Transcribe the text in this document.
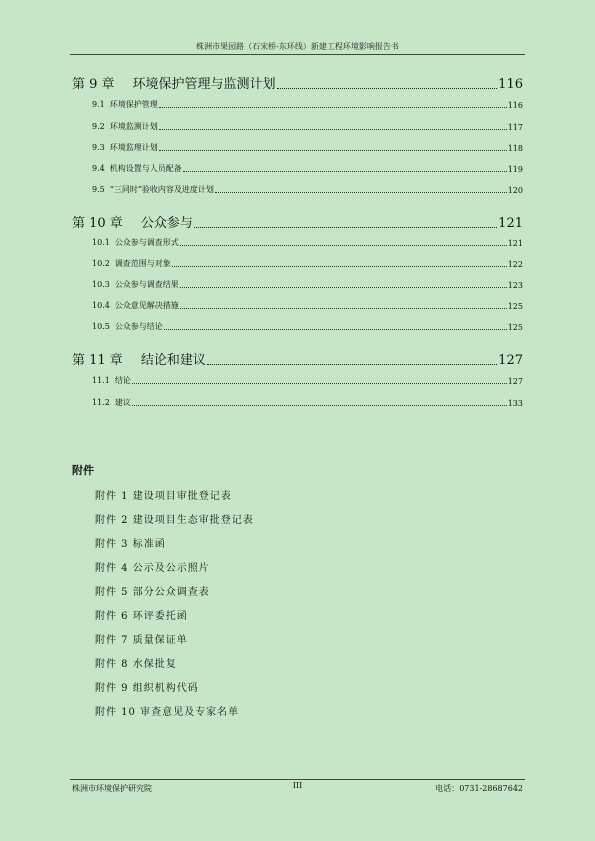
株洲市果园路（石宋桥-东环线）新建工程环境影响报告书
第 9 章 环境保护管理与监测计划	116
9.1 环境保护管理	116
9.2 环境监测计划	117
9.3 环境监理计划	118
9.4 机构设置与人员配备	119
9.5 “三同时”验收内容及进度计划	120
第 10 章 公众参与	121
10.1 公众参与调查形式	121
10.2 调查范围与对象	122
10.3 公众参与调查结果	123
10.4 公众意见解决措施	125
10.5 公众参与结论	125
第 11 章 结论和建议	127
11.1 结论	127
11.2 建议	133
附件
附件 1 建设项目审批登记表
附件 2 建设项目生态审批登记表
附件 3 标准函
附件 4 公示及公示照片
附件 5 部分公众调查表
附件 6 环评委托函
附件 7 质量保证单
附件 8 水保批复
附件 9 组织机构代码
附件 10 审查意见及专家名单
株洲市环境保护研究院	III	电话：0731-28687642
